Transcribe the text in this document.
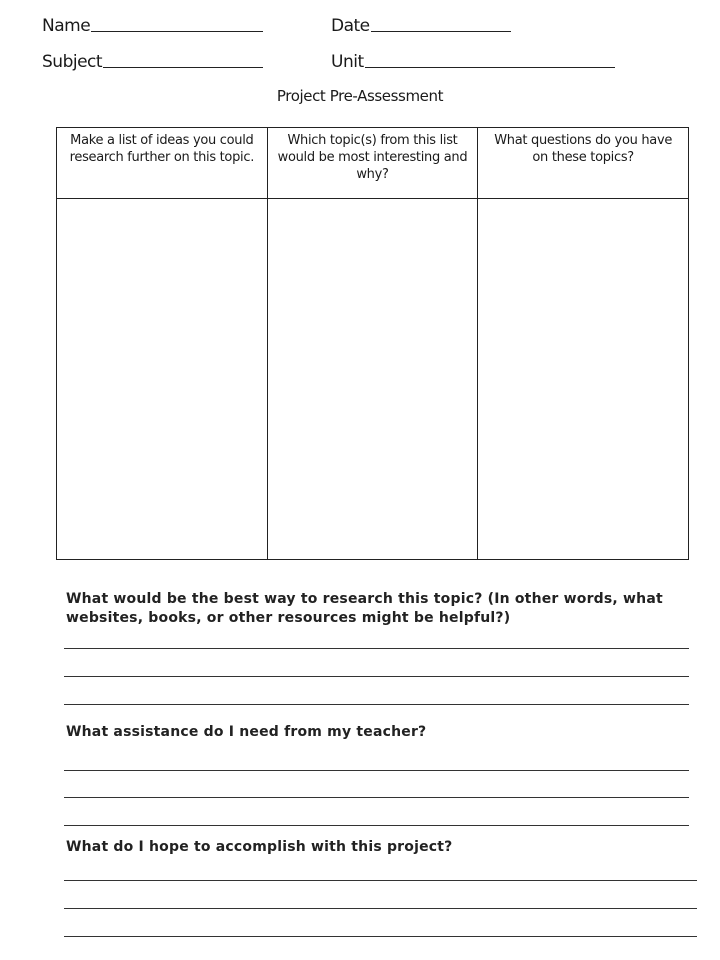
Name	Date
Subject	Unit
Project Pre-Assessment
Make a list of ideas you could research further on this topic.	Which topic(s) from this list would be most interesting and why?	What questions do you have on these topics?

What would be the best way to research this topic? (In other words, what websites, books, or other resources might be helpful?)
What assistance do I need from my teacher?
What do I hope to accomplish with this project?
